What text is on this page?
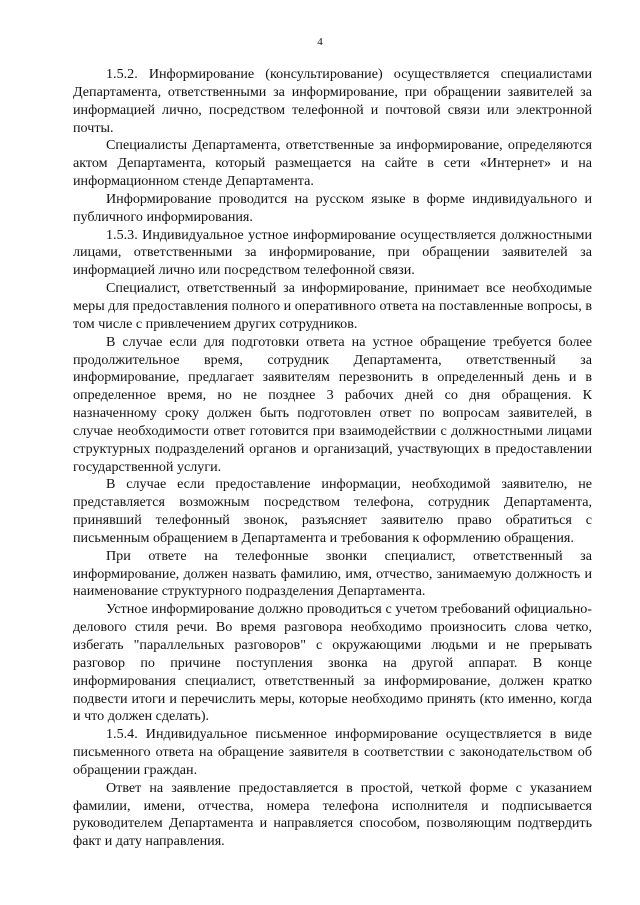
4

1.5.2. Информирование (консультирование) осуществляется специалистами Департамента, ответственными за информирование, при обращении заявителей за информацией лично, посредством телефонной и почтовой связи или электронной почты.

Специалисты Департамента, ответственные за информирование, определяются актом Департамента, который размещается на сайте в сети «Интернет» и на информационном стенде Департамента.

Информирование проводится на русском языке в форме индивидуального и публичного информирования.

1.5.3. Индивидуальное устное информирование осуществляется должностными лицами, ответственными за информирование, при обращении заявителей за информацией лично или посредством телефонной связи.

Специалист, ответственный за информирование, принимает все необходимые меры для предоставления полного и оперативного ответа на поставленные вопросы, в том числе с привлечением других сотрудников.

В случае если для подготовки ответа на устное обращение требуется более продолжительное время, сотрудник Департамента, ответственный за информирование, предлагает заявителям перезвонить в определенный день и в определенное время, но не позднее 3 рабочих дней со дня обращения. К назначенному сроку должен быть подготовлен ответ по вопросам заявителей, в случае необходимости ответ готовится при взаимодействии с должностными лицами структурных подразделений органов и организаций, участвующих в предоставлении государственной услуги.

В случае если предоставление информации, необходимой заявителю, не представляется возможным посредством телефона, сотрудник Департамента, принявший телефонный звонок, разъясняет заявителю право обратиться с письменным обращением в Департамента и требования к оформлению обращения.

При ответе на телефонные звонки специалист, ответственный за информирование, должен назвать фамилию, имя, отчество, занимаемую должность и наименование структурного подразделения Департамента.

Устное информирование должно проводиться с учетом требований официально-делового стиля речи. Во время разговора необходимо произносить слова четко, избегать "параллельных разговоров" с окружающими людьми и не прерывать разговор по причине поступления звонка на другой аппарат. В конце информирования специалист, ответственный за информирование, должен кратко подвести итоги и перечислить меры, которые необходимо принять (кто именно, когда и что должен сделать).

1.5.4. Индивидуальное письменное информирование осуществляется в виде письменного ответа на обращение заявителя в соответствии с законодательством об обращении граждан.

Ответ на заявление предоставляется в простой, четкой форме с указанием фамилии, имени, отчества, номера телефона исполнителя и подписывается руководителем Департамента и направляется способом, позволяющим подтвердить факт и дату направления.
